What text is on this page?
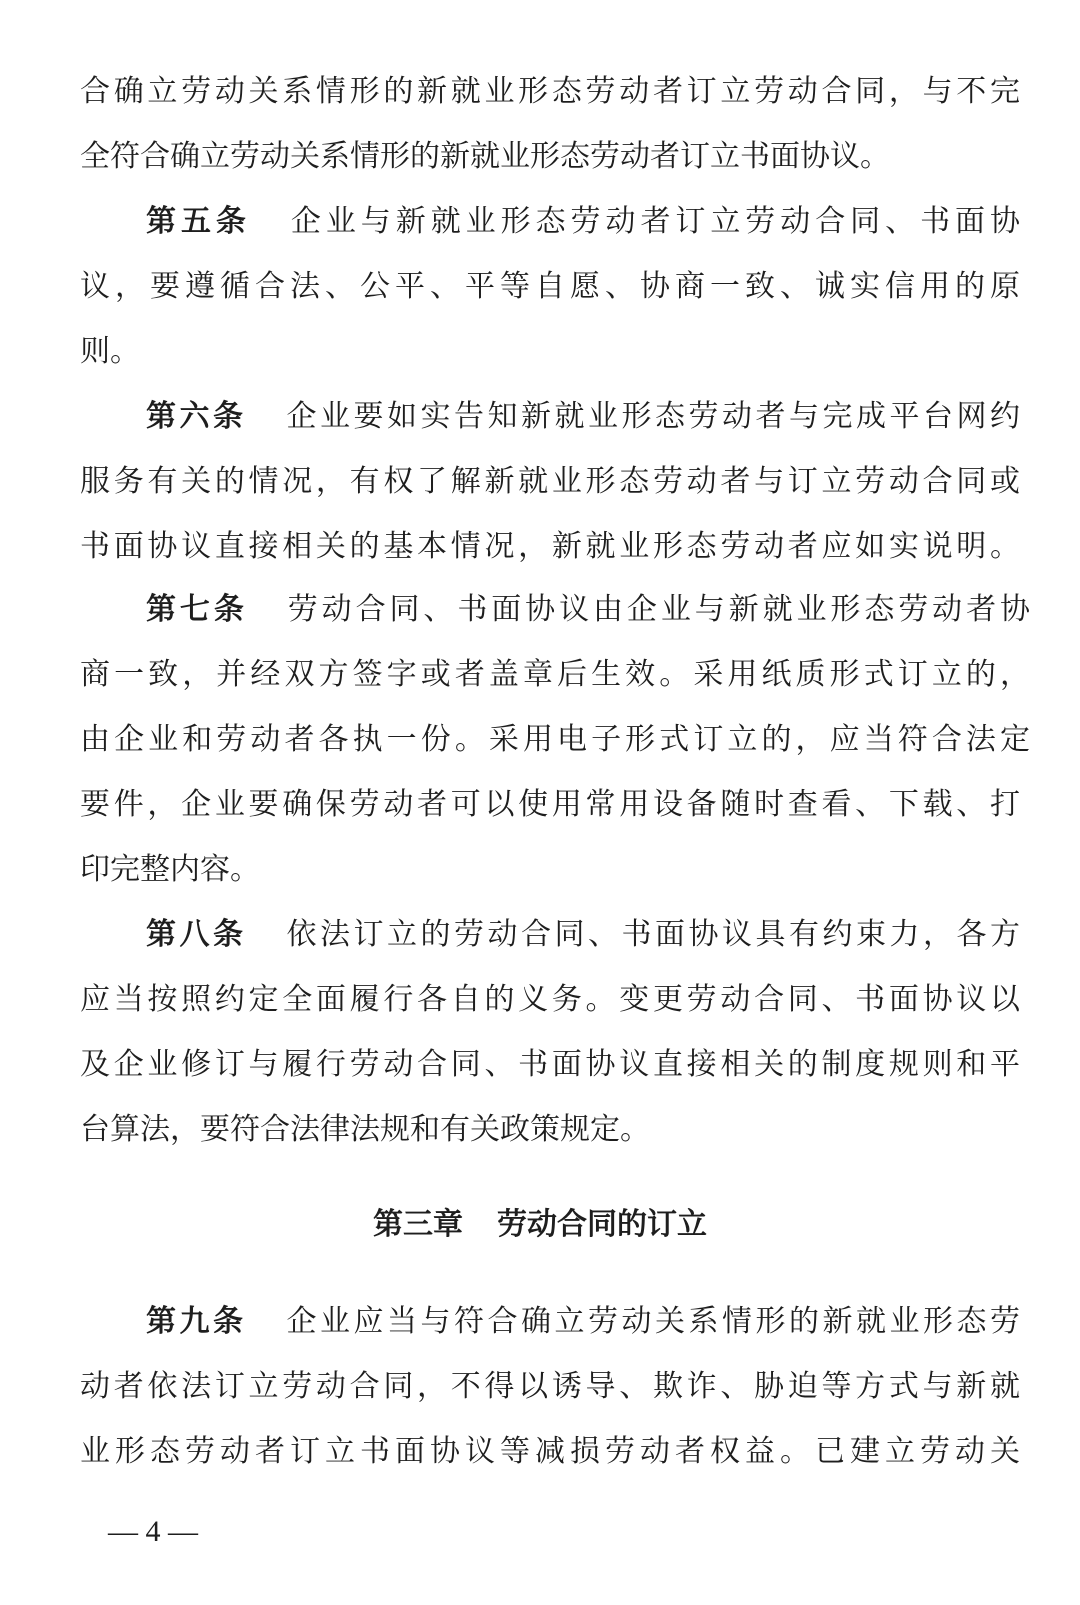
合确立劳动关系情形的新就业形态劳动者订立劳动合同，与不完
全符合确立劳动关系情形的新就业形态劳动者订立书面协议。
第五条 企业与新就业形态劳动者订立劳动合同、书面协
议，要遵循合法、公平、平等自愿、协商一致、诚实信用的原
则。
第六条 企业要如实告知新就业形态劳动者与完成平台网约
服务有关的情况，有权了解新就业形态劳动者与订立劳动合同或
书面协议直接相关的基本情况，新就业形态劳动者应如实说明。
第七条 劳动合同、书面协议由企业与新就业形态劳动者协
商一致，并经双方签字或者盖章后生效。采用纸质形式订立的，
由企业和劳动者各执一份。采用电子形式订立的，应当符合法定
要件，企业要确保劳动者可以使用常用设备随时查看、下载、打
印完整内容。
第八条 依法订立的劳动合同、书面协议具有约束力，各方
应当按照约定全面履行各自的义务。变更劳动合同、书面协议以
及企业修订与履行劳动合同、书面协议直接相关的制度规则和平
台算法，要符合法律法规和有关政策规定。
第三章 劳动合同的订立
第九条 企业应当与符合确立劳动关系情形的新就业形态劳
动者依法订立劳动合同，不得以诱导、欺诈、胁迫等方式与新就
业形态劳动者订立书面协议等减损劳动者权益。已建立劳动关
— 4 —
